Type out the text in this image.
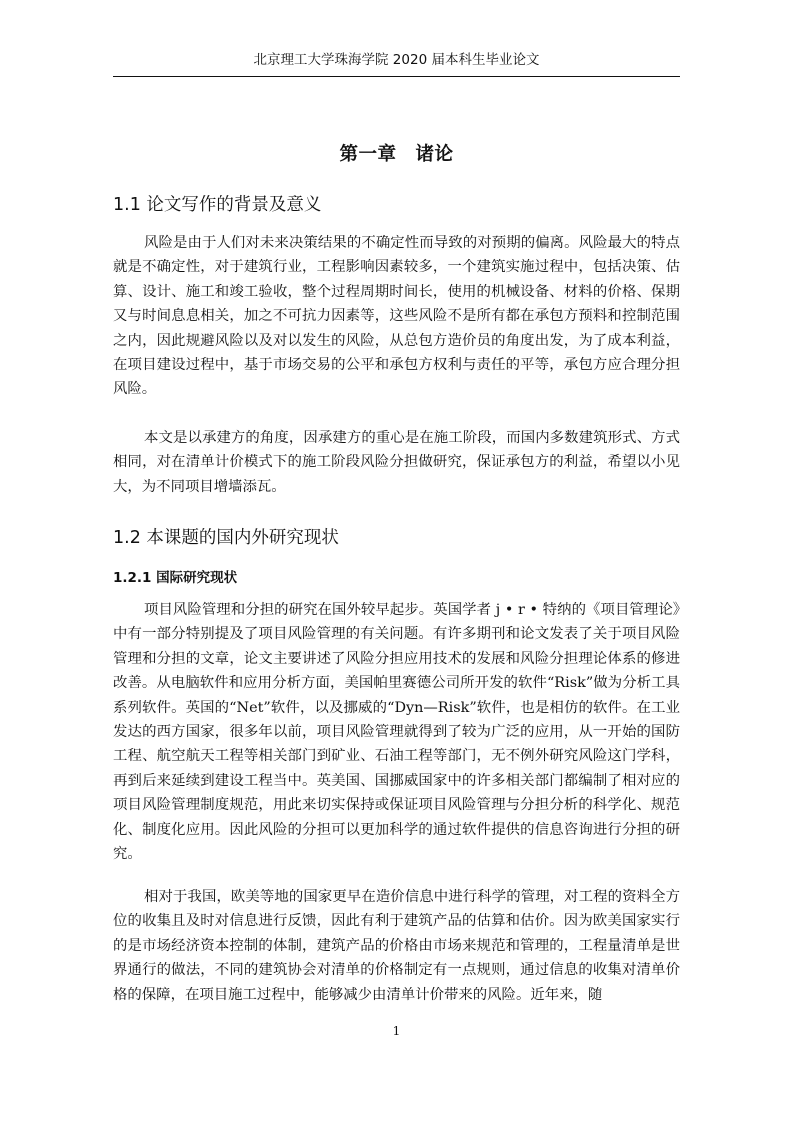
北京理工大学珠海学院 2020 届本科生毕业论文
第一章　诸论
1.1 论文写作的背景及意义

风险是由于人们对未来决策结果的不确定性而导致的对预期的偏离。风险最大的特点就是不确定性，对于建筑行业，工程影响因素较多，一个建筑实施过程中，包括决策、估算、设计、施工和竣工验收，整个过程周期时间长，使用的机械设备、材料的价格、保期又与时间息息相关，加之不可抗力因素等，这些风险不是所有都在承包方预料和控制范围之内，因此规避风险以及对以发生的风险，从总包方造价员的角度出发，为了成本利益，在项目建设过程中，基于市场交易的公平和承包方权利与责任的平等，承包方应合理分担风险。

本文是以承建方的角度，因承建方的重心是在施工阶段，而国内多数建筑形式、方式相同，对在清单计价模式下的施工阶段风险分担做研究，保证承包方的利益，希望以小见大，为不同项目增墙添瓦。

1.2 本课题的国内外研究现状
1.2.1 国际研究现状

项目风险管理和分担的研究在国外较早起步。英国学者 j • r • 特纳的《项目管理论》中有一部分特别提及了项目风险管理的有关问题。有许多期刊和论文发表了关于项目风险管理和分担的文章，论文主要讲述了风险分担应用技术的发展和风险分担理论体系的修进改善。从电脑软件和应用分析方面，美国帕里赛德公司所开发的软件“Risk”做为分析工具系列软件。英国的“Net”软件，以及挪威的“Dyn—Risk”软件，也是相仿的软件。在工业发达的西方国家，很多年以前，项目风险管理就得到了较为广泛的应用，从一开始的国防工程、航空航天工程等相关部门到矿业、石油工程等部门，无不例外研究风险这门学科，再到后来延续到建设工程当中。英美国、国挪威国家中的许多相关部门都编制了相对应的项目风险管理制度规范，用此来切实保持或保证项目风险管理与分担分析的科学化、规范化、制度化应用。因此风险的分担可以更加科学的通过软件提供的信息咨询进行分担的研究。

相对于我国，欧美等地的国家更早在造价信息中进行科学的管理，对工程的资料全方位的收集且及时对信息进行反馈，因此有利于建筑产品的估算和估价。因为欧美国家实行的是市场经济资本控制的体制，建筑产品的价格由市场来规范和管理的，工程量清单是世界通行的做法，不同的建筑协会对清单的价格制定有一点规则，通过信息的收集对清单价格的保障，在项目施工过程中，能够减少由清单计价带来的风险。近年来，随

1
